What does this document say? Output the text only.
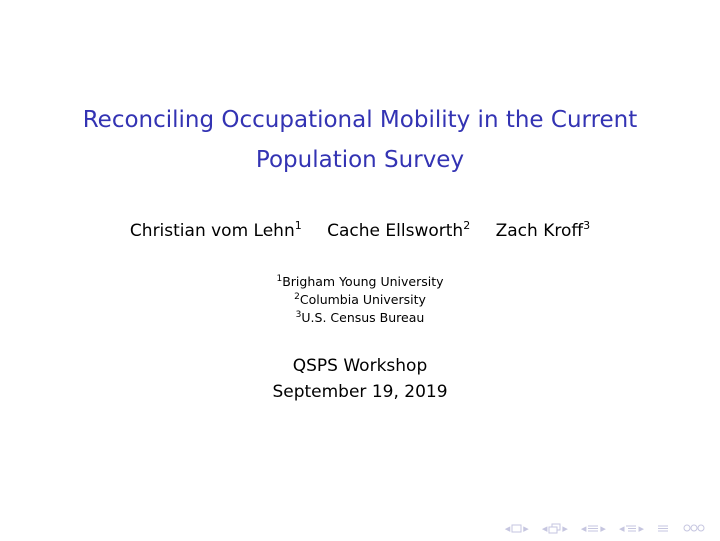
Reconciling Occupational Mobility in the Current
Population Survey
Christian vom Lehn$^1$ Cache Ellsworth$^2$ Zach Kroff$^3$
$^1$Brigham Young University
$^2$Columbia University
$^3$U.S. Census Bureau
QSPS Workshop
September 19, 2019
◂ ▸ ◂ ▸ ◂ ▸ ◂ ▸
